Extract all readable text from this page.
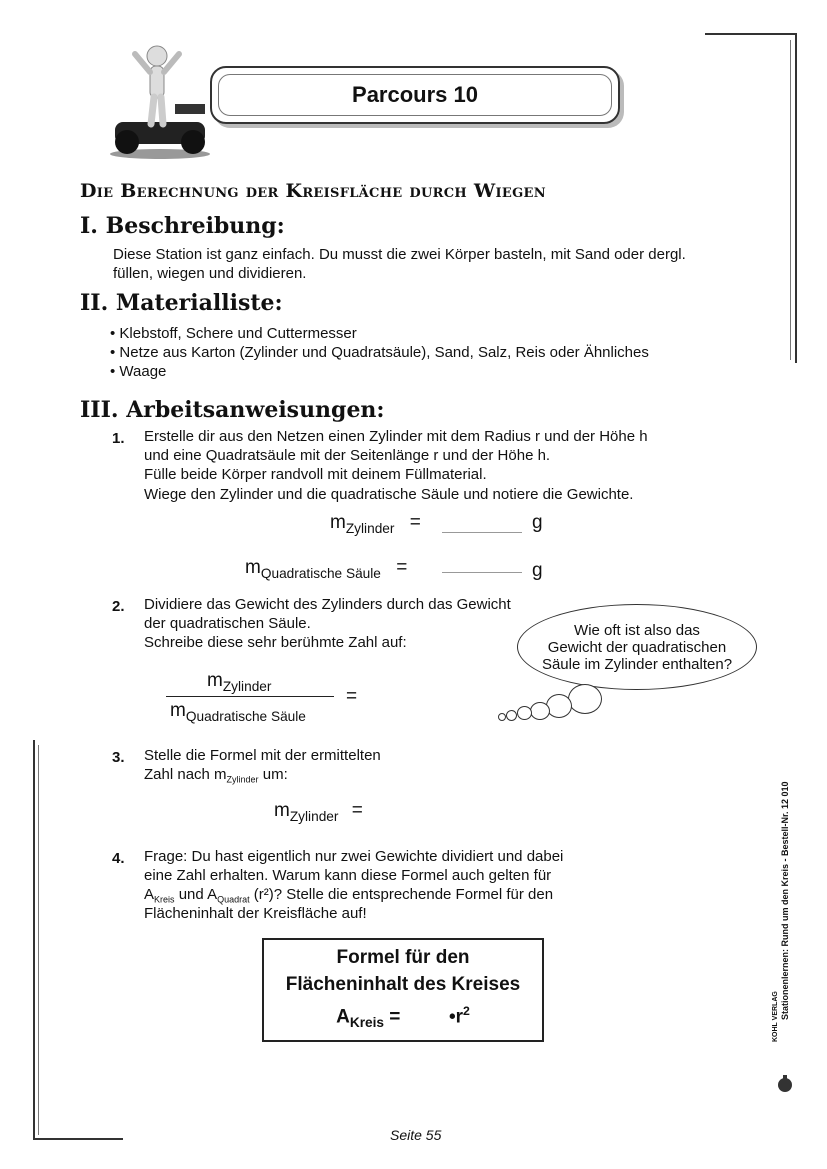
Parcours 10
Die Berechnung der Kreisfläche durch Wiegen
I. Beschreibung:
Diese Station ist ganz einfach. Du musst die zwei Körper basteln, mit Sand oder dergl.
füllen, wiegen und dividieren.
II. Materialliste:
• Klebstoff, Schere und Cuttermesser
• Netze aus Karton (Zylinder und Quadratsäule), Sand, Salz, Reis oder Ähnliches
• Waage
III. Arbeitsanweisungen:
1. Erstelle dir aus den Netzen einen Zylinder mit dem Radius r und der Höhe h
und eine Quadratsäule mit der Seitenlänge r und der Höhe h.
Fülle beide Körper randvoll mit deinem Füllmaterial.
Wiege den Zylinder und die quadratische Säule und notiere die Gewichte.
$m_{Zylinder}$ =	g
$m_{Quadratische Säule}$ =	g
2. Dividiere das Gewicht des Zylinders durch das Gewicht
der quadratischen Säule.
Schreibe diese sehr berühmte Zahl auf:
Wie oft ist also das
Gewicht der quadratischen
Säule im Zylinder enthalten?
$m_{Zylinder}$
$m_{Quadratische Säule}$
=
3. Stelle die Formel mit der ermittelten
Zahl nach $m_{Zylinder}$ um:
$m_{Zylinder}$ =
4. Frage: Du hast eigentlich nur zwei Gewichte dividiert und dabei
eine Zahl erhalten. Warum kann diese Formel auch gelten für
$A_{Kreis}$ und $A_{Quadrat}$ (r²)? Stelle die entsprechende Formel für den
Flächeninhalt der Kreisfläche auf!
Formel für den
Flächeninhalt des Kreises
$A_{Kreis}$ =	$•r^2$	Stationenlernen: Rund um den Kreis - Bestell-Nr. 12 010
KOHL VERLAG
Seite 55
